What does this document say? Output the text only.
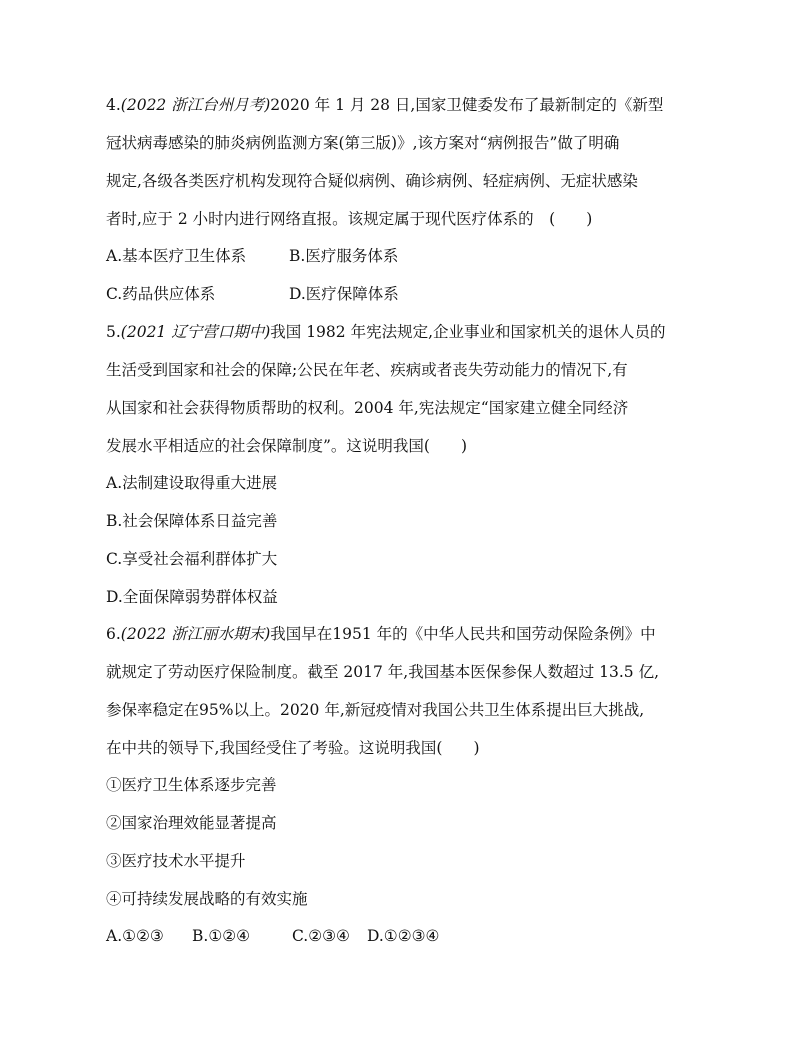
4.(2022 浙江台州月考)2020 年 1 月 28 日,国家卫健委发布了最新制定的《新型
冠状病毒感染的肺炎病例监测方案(第三版)》,该方案对“病例报告”做了明确
规定,各级各类医疗机构发现符合疑似病例、确诊病例、轻症病例、无症状感染
者时,应于 2 小时内进行网络直报。该规定属于现代医疗体系的　(　　)
A.基本医疗卫生体系	B.医疗服务体系
C.药品供应体系	D.医疗保障体系
5.(2021 辽宁营口期中)我国 1982 年宪法规定,企业事业和国家机关的退休人员的
生活受到国家和社会的保障;公民在年老、疾病或者丧失劳动能力的情况下,有
从国家和社会获得物质帮助的权利。2004 年,宪法规定“国家建立健全同经济
发展水平相适应的社会保障制度”。这说明我国(　　)
A.法制建设取得重大进展
B.社会保障体系日益完善
C.享受社会福利群体扩大
D.全面保障弱势群体权益
6.(2022 浙江丽水期末)我国早在1951 年的《中华人民共和国劳动保险条例》中
就规定了劳动医疗保险制度。截至 2017 年,我国基本医保参保人数超过 13.5 亿,
参保率稳定在95%以上。2020 年,新冠疫情对我国公共卫生体系提出巨大挑战,
在中共的领导下,我国经受住了考验。这说明我国(　　)
①医疗卫生体系逐步完善
②国家治理效能显著提高
③医疗技术水平提升
④可持续发展战略的有效实施
A.①②③ B.①②④	C.②③④ D.①②③④
